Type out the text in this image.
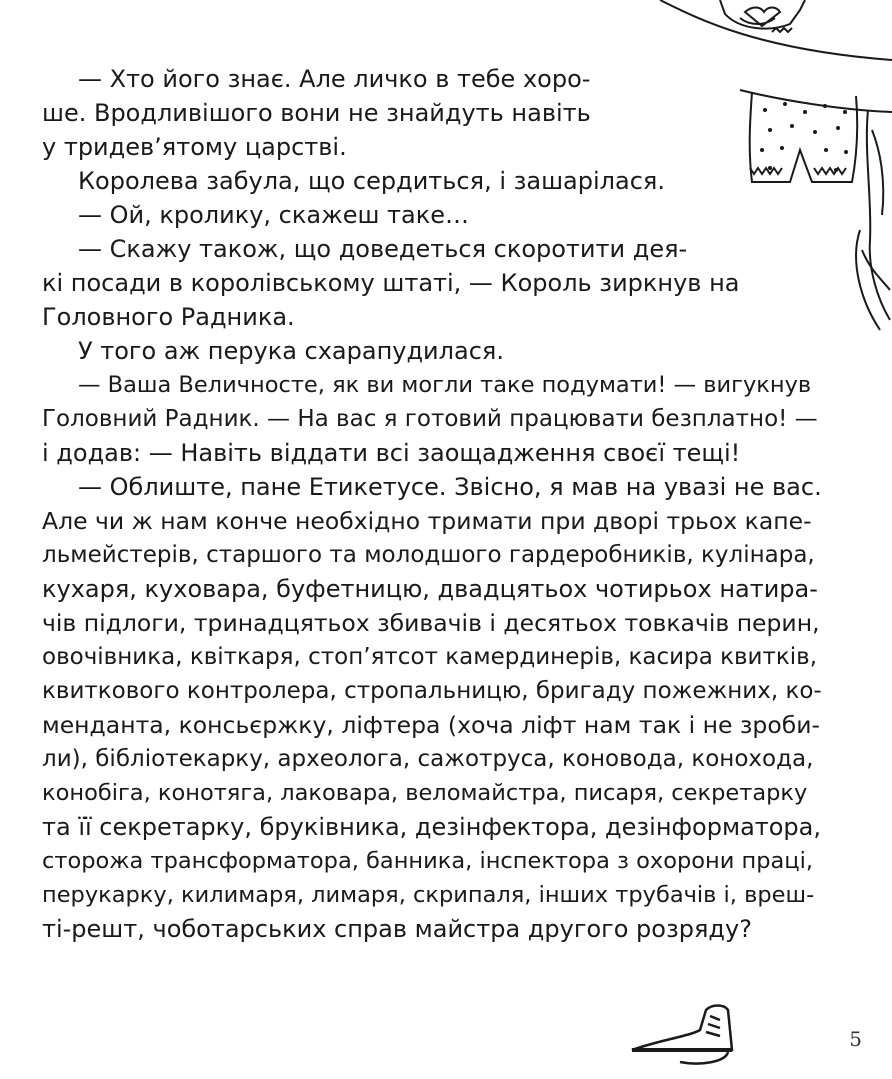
— Хто його знає. Але личко в тебе хоро-
ше. Вродливішого вони не знайдуть навіть
у тридев’ятому царстві.
Королева забула, що сердиться, і зашарілася.
— Ой, кролику, скажеш таке…
— Скажу також, що доведеться скоротити дея-
кі посади в королівському штаті, — Король зиркнув на
Головного Радника.
У того аж перука схарапудилася.
— Ваша Величносте, як ви могли таке подумати! — вигукнув
Головний Радник. — На вас я готовий працювати безплатно! —
і додав: — Навіть віддати всі заощадження своєї тещі!
— Облиште, пане Етикетусе. Звісно, я мав на увазі не вас.
Але чи ж нам конче необхідно тримати при дворі трьох капе-
льмейстерів, старшого та молодшого гардеробників, кулінара,
кухаря, куховара, буфетницю, двадцятьох чотирьох натира-
чів підлоги, тринадцятьох збивачів і десятьох товкачів перин,
овочівника, квіткаря, стоп’ятсот камердинерів, касира квитків,
квиткового контролера, стропальницю, бригаду пожежних, ко-
менданта, консьєржку, ліфтера (хоча ліфт нам так і не зроби-
ли), бібліотекарку, археолога, сажотруса, коновода, конохода,
конобіга, конотяга, лаковара, веломайстра, писаря, секретарку
та її секретарку, бруківника, дезінфектора, дезінформатора,
сторожа трансформатора, банника, інспектора з охорони праці,
перукарку, килимаря, лимаря, скрипаля, інших трубачів і, вреш-
ті-решт, чоботарських справ майстра другого розряду?
5
